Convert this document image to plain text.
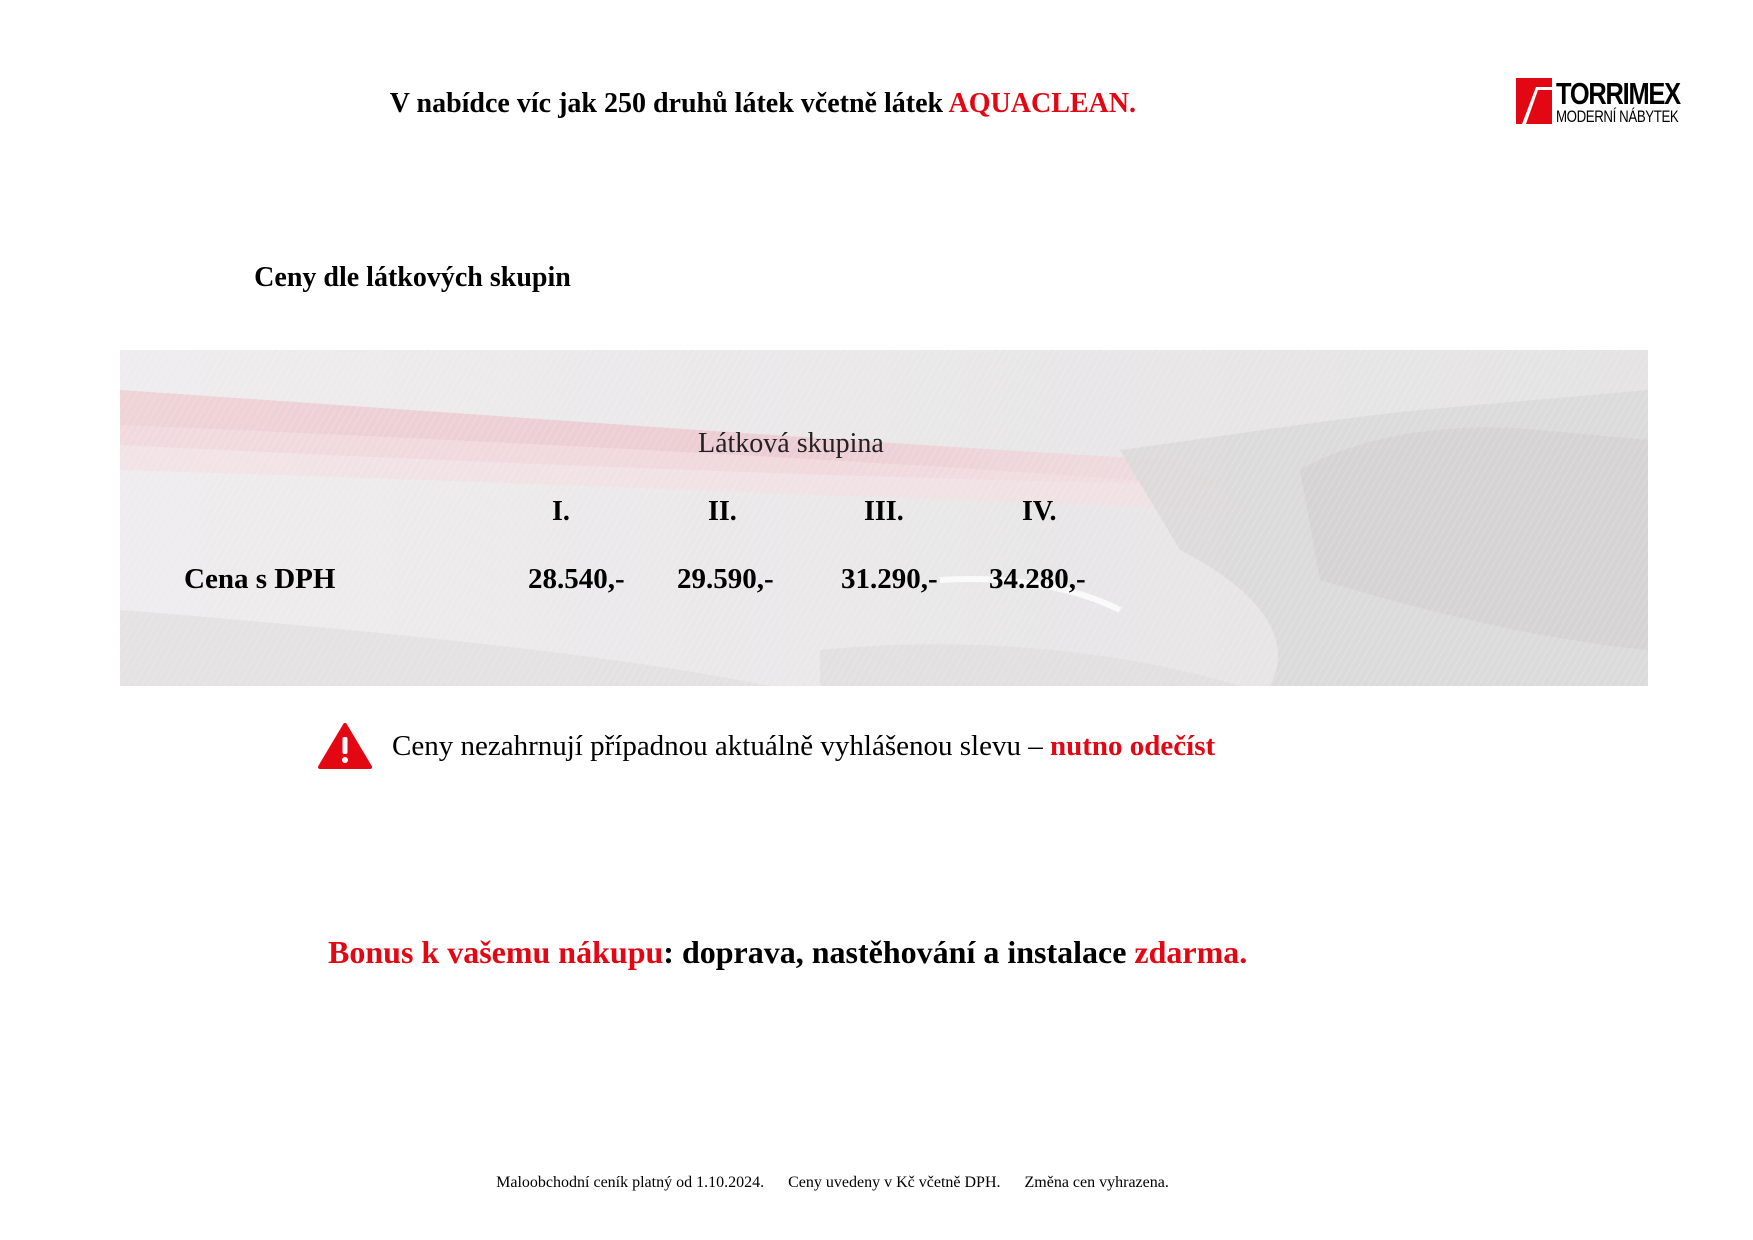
V nabídce víc jak 250 druhů látek včetně látek AQUACLEAN.	TORRIMEX
MODERNÍ NÁBYTEK
Ceny dle látkových skupin
Látková skupina
I.	II.	III.	IV.
Cena s DPH	28.540,- 29.590,- 31.290,- 34.280,-
Ceny nezahrnují případnou aktuálně vyhlášenou slevu – nutno odečíst
Bonus k vašemu nákupu: doprava, nastěhování a instalace zdarma.
Maloobchodní ceník platný od 1.10.2024. Ceny uvedeny v Kč včetně DPH. Změna cen vyhrazena.
